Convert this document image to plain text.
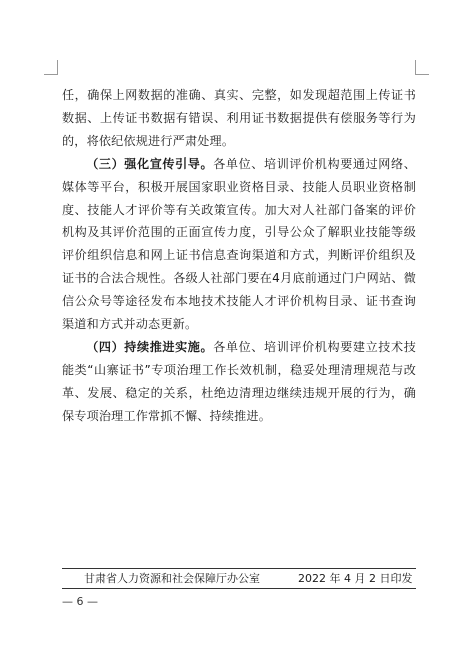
任，确保上网数据的准确、真实、完整，如发现超范围上传证书数据、上传证书数据有错误、利用证书数据提供有偿服务等行为的，将依纪依规进行严肃处理。

（三）强化宣传引导。各单位、培训评价机构要通过网络、媒体等平台，积极开展国家职业资格目录、技能人员职业资格制度、技能人才评价等有关政策宣传。加大对人社部门备案的评价机构及其评价范围的正面宣传力度，引导公众了解职业技能等级评价组织信息和网上证书信息查询渠道和方式，判断评价组织及证书的合法合规性。各级人社部门要在4月底前通过门户网站、微信公众号等途径发布本地技术技能人才评价机构目录、证书查询渠道和方式并动态更新。

（四）持续推进实施。各单位、培训评价机构要建立技术技能类“山寨证书”专项治理工作长效机制，稳妥处理清理规范与改革、发展、稳定的关系，杜绝边清理边继续违规开展的行为，确保专项治理工作常抓不懈、持续推进。

甘肃省人力资源和社会保障厅办公室	2022 年 4 月 2 日印发
— 6 —
